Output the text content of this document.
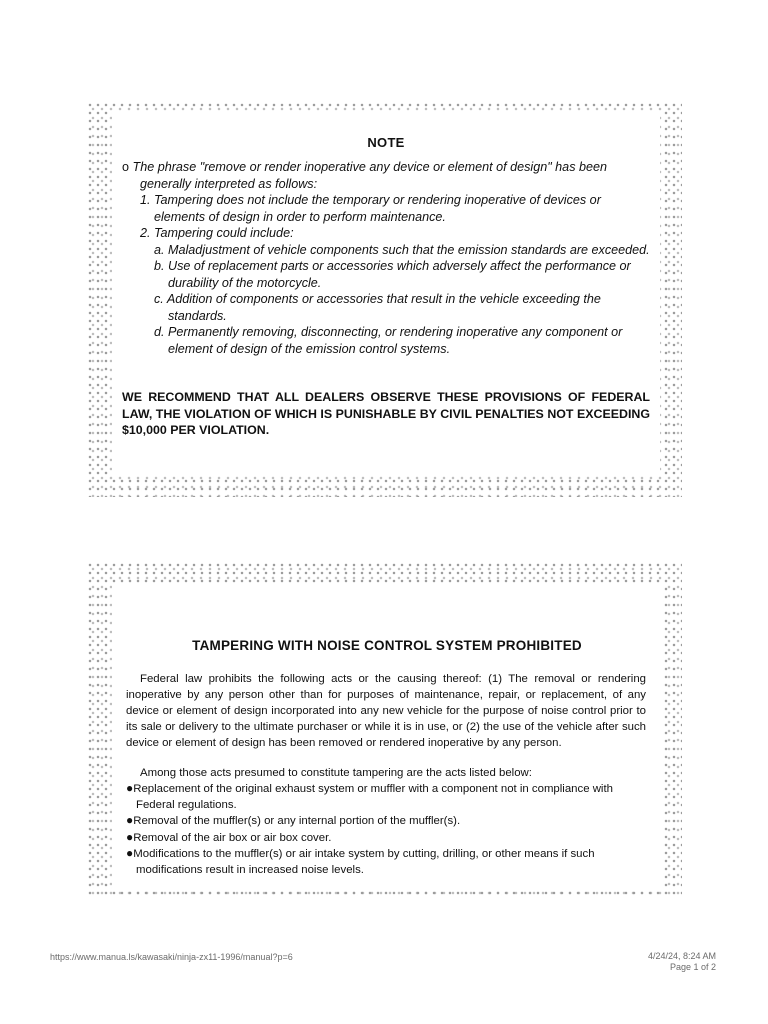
NOTE
o The phrase "remove or render inoperative any device or element of design" has been generally interpreted as follows:
1. Tampering does not include the temporary or rendering inoperative of devices or elements of design in order to perform maintenance.
2. Tampering could include:
a. Maladjustment of vehicle components such that the emission standards are exceeded.
b. Use of replacement parts or accessories which adversely affect the performance or durability of the motorcycle.
c. Addition of components or accessories that result in the vehicle exceeding the standards.
d. Permanently removing, disconnecting, or rendering inoperative any component or element of design of the emission control systems.
WE RECOMMEND THAT ALL DEALERS OBSERVE THESE PROVISIONS OF FEDERAL LAW, THE VIOLATION OF WHICH IS PUNISHABLE BY CIVIL PENALTIES NOT EXCEEDING $10,000 PER VIOLATION.
TAMPERING WITH NOISE CONTROL SYSTEM PROHIBITED
Federal law prohibits the following acts or the causing thereof: (1) The removal or rendering inoperative by any person other than for purposes of maintenance, repair, or replacement, of any device or element of design incorporated into any new vehicle for the purpose of noise control prior to its sale or delivery to the ultimate purchaser or while it is in use, or (2) the use of the vehicle after such device or element of design has been removed or rendered inoperative by any person.
Among those acts presumed to constitute tampering are the acts listed below:
●Replacement of the original exhaust system or muffler with a component not in compliance with Federal regulations.
●Removal of the muffler(s) or any internal portion of the muffler(s).
●Removal of the air box or air box cover.
●Modifications to the muffler(s) or air intake system by cutting, drilling, or other means if such modifications result in increased noise levels.
https://www.manua.ls/kawasaki/ninja-zx11-1996/manual?p=6	4/24/24, 8:24 AM
Page 1 of 2
